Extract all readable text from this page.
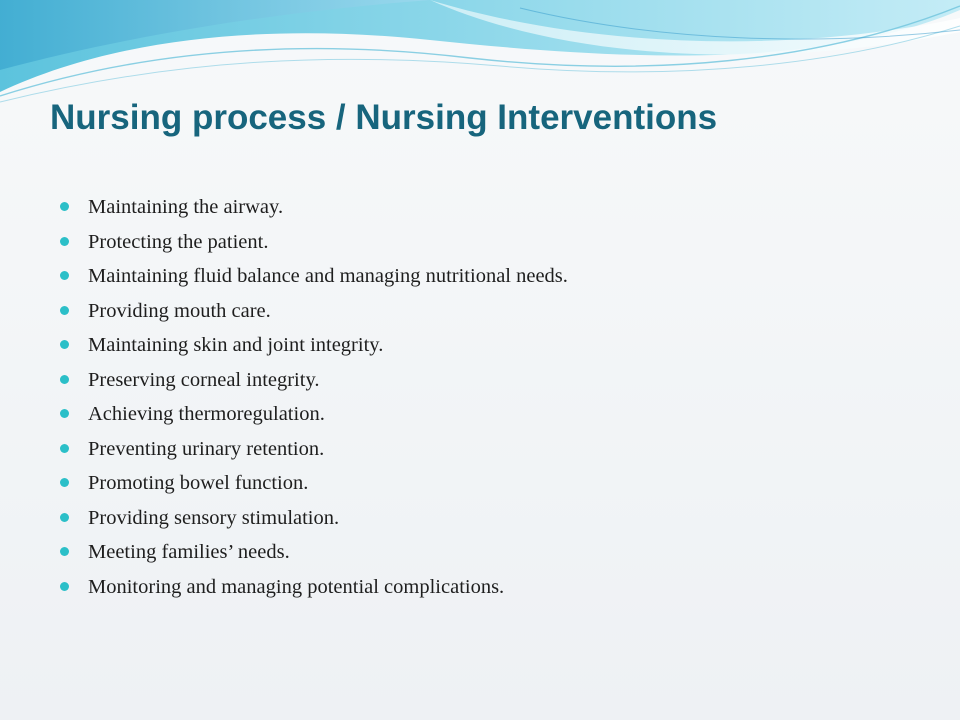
Nursing process / Nursing Interventions
Maintaining the airway.
Protecting the patient.
Maintaining fluid balance and managing nutritional needs.
Providing mouth care.
Maintaining skin and joint integrity.
Preserving corneal integrity.
Achieving thermoregulation.
Preventing urinary retention.
Promoting bowel function.
Providing sensory stimulation.
Meeting families’ needs.
Monitoring and managing potential complications.
